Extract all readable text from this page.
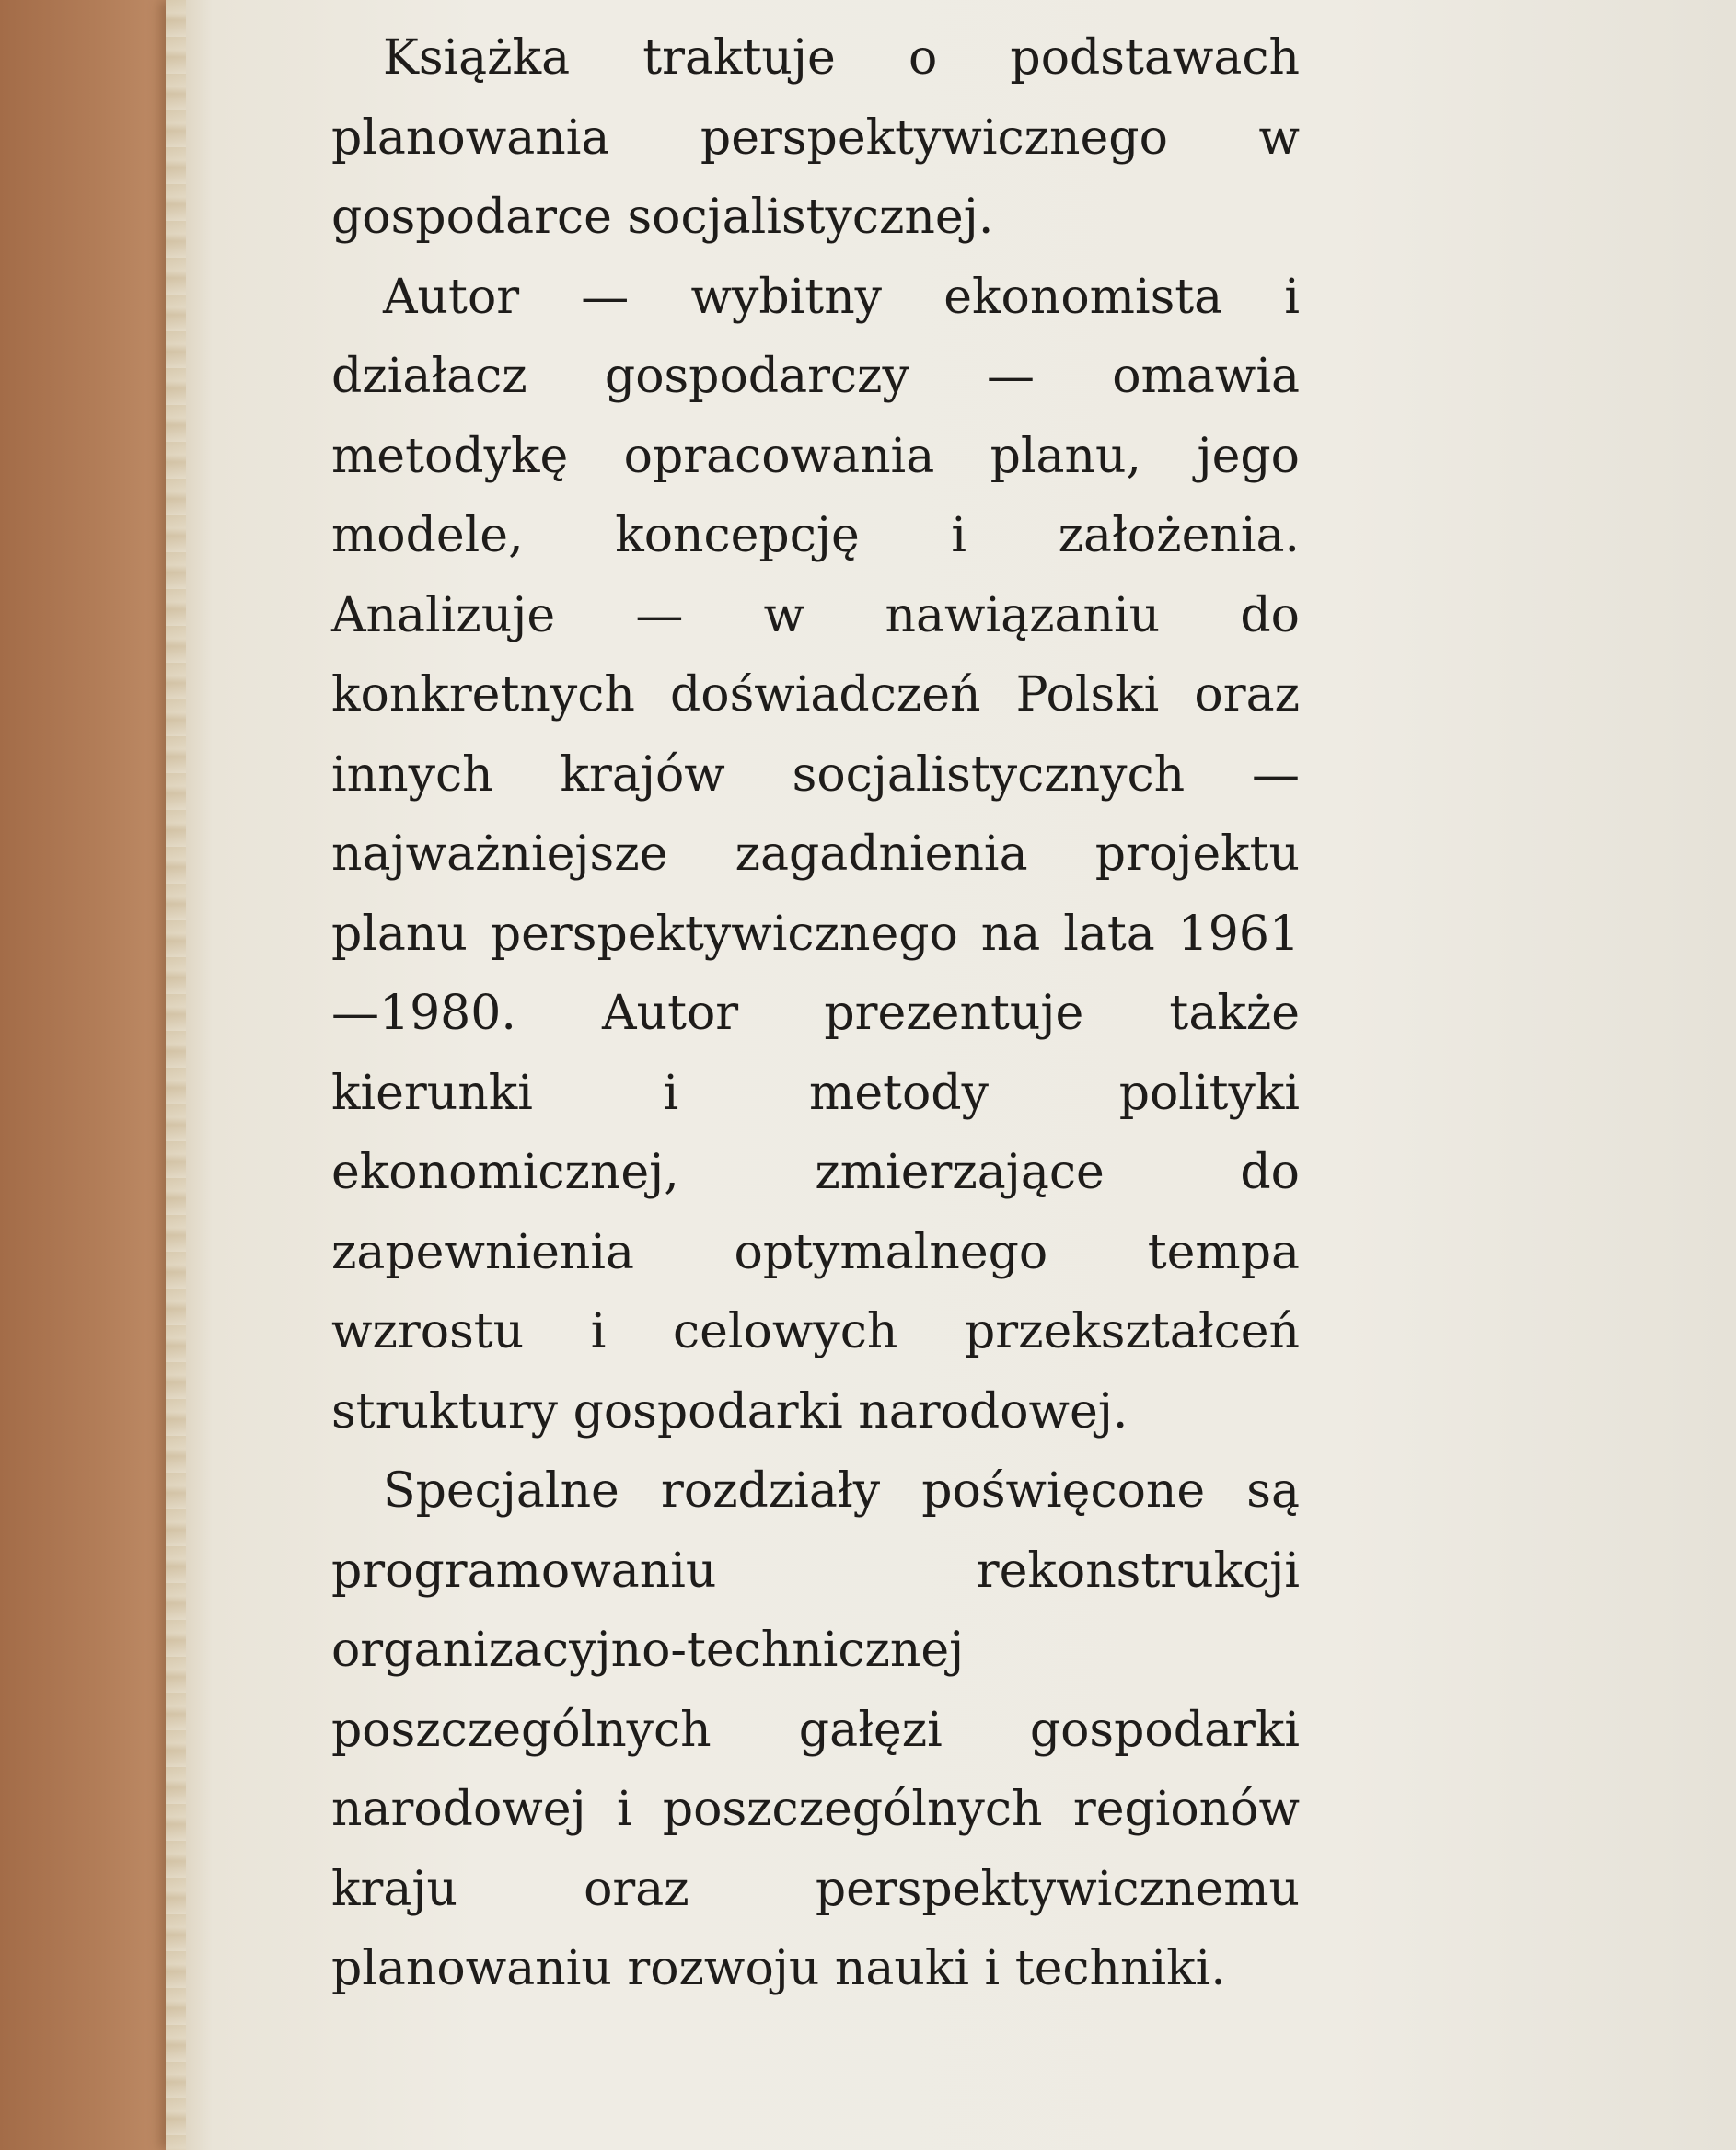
Książka traktuje o podstawach planowania perspektywicznego w gospodarce socjalistycznej.

Autor — wybitny ekonomista i działacz gospodarczy — omawia metodykę opracowania planu, jego modele, koncepcję i założenia. Analizuje — w nawiązaniu do konkretnych doświadczeń Polski oraz innych krajów socjalistycznych — najważniejsze zagadnienia projektu planu perspektywicznego na lata 1961—1980. Autor prezentuje także kierunki i metody polityki ekonomicznej, zmierzające do zapewnienia optymalnego tempa wzrostu i celowych przekształceń struktury gospodarki narodowej.

Specjalne rozdziały poświęcone są programowaniu rekonstrukcji organizacyjno-technicznej poszczególnych gałęzi gospodarki narodowej i poszczególnych regionów kraju oraz perspektywicznemu planowaniu rozwoju nauki i techniki.
